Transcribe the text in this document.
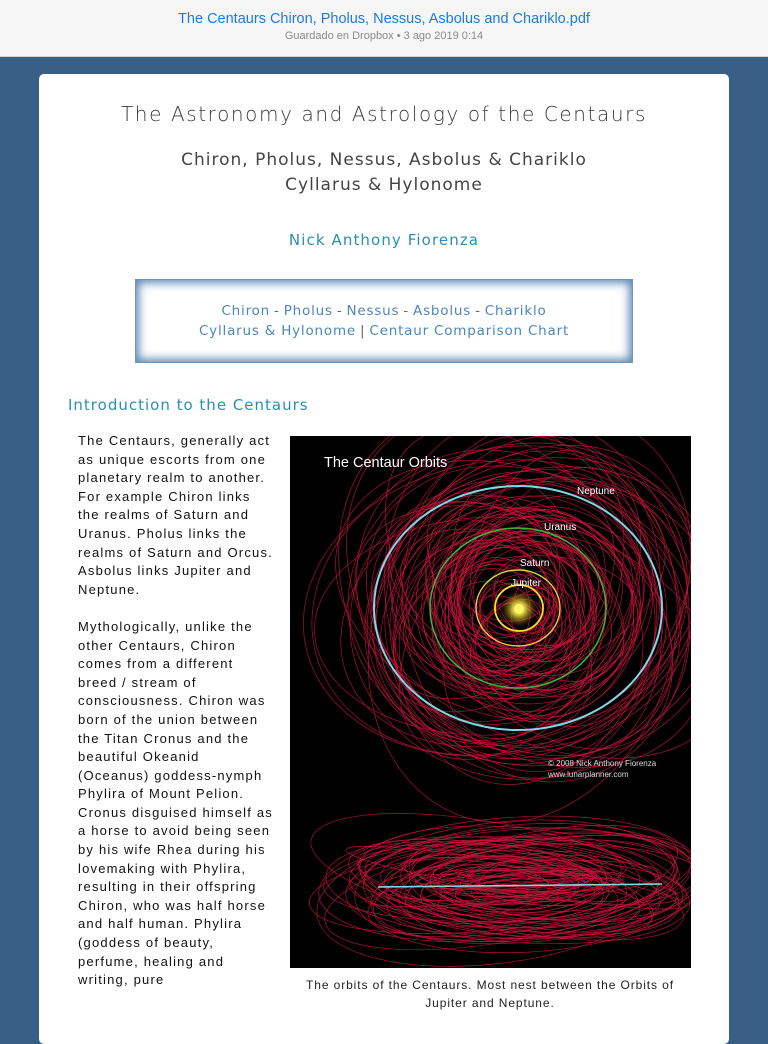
The Centaurs Chiron, Pholus, Nessus, Asbolus and Chariklo.pdf
Guardado en Dropbox • 3 ago 2019 0:14
The Astronomy and Astrology of the Centaurs
Chiron, Pholus, Nessus, Asbolus & Chariklo
Cyllarus & Hylonome
Nick Anthony Fiorenza
Chiron - Pholus - Nessus - Asbolus - Chariklo
Cyllarus & Hylonome | Centaur Comparison Chart
Introduction to the Centaurs

The Centaurs, generally act as unique escorts from one planetary realm to another. For example Chiron links the realms of Saturn and Uranus. Pholus links the realms of Saturn and Orcus. Asbolus links Jupiter and Neptune.

Mythologically, unlike the other Centaurs, Chiron comes from a different breed / stream of consciousness. Chiron was born of the union between the Titan Cronus and the beautiful Okeanid (Oceanus) goddess-nymph Phylira of Mount Pelion. Cronus disguised himself as a horse to avoid being seen by his wife Rhea during his lovemaking with Phylira, resulting in their offspring Chiron, who was half horse and half human. Phylira (goddess of beauty, perfume, healing and writing, pure

The Centaur Orbits
Neptune
Uranus
Saturn
Jupiter
© 2008 Nick Anthony Fiorenza
www.lunarplanner.com
The orbits of the Centaurs. Most nest between the Orbits of Jupiter and Neptune.
